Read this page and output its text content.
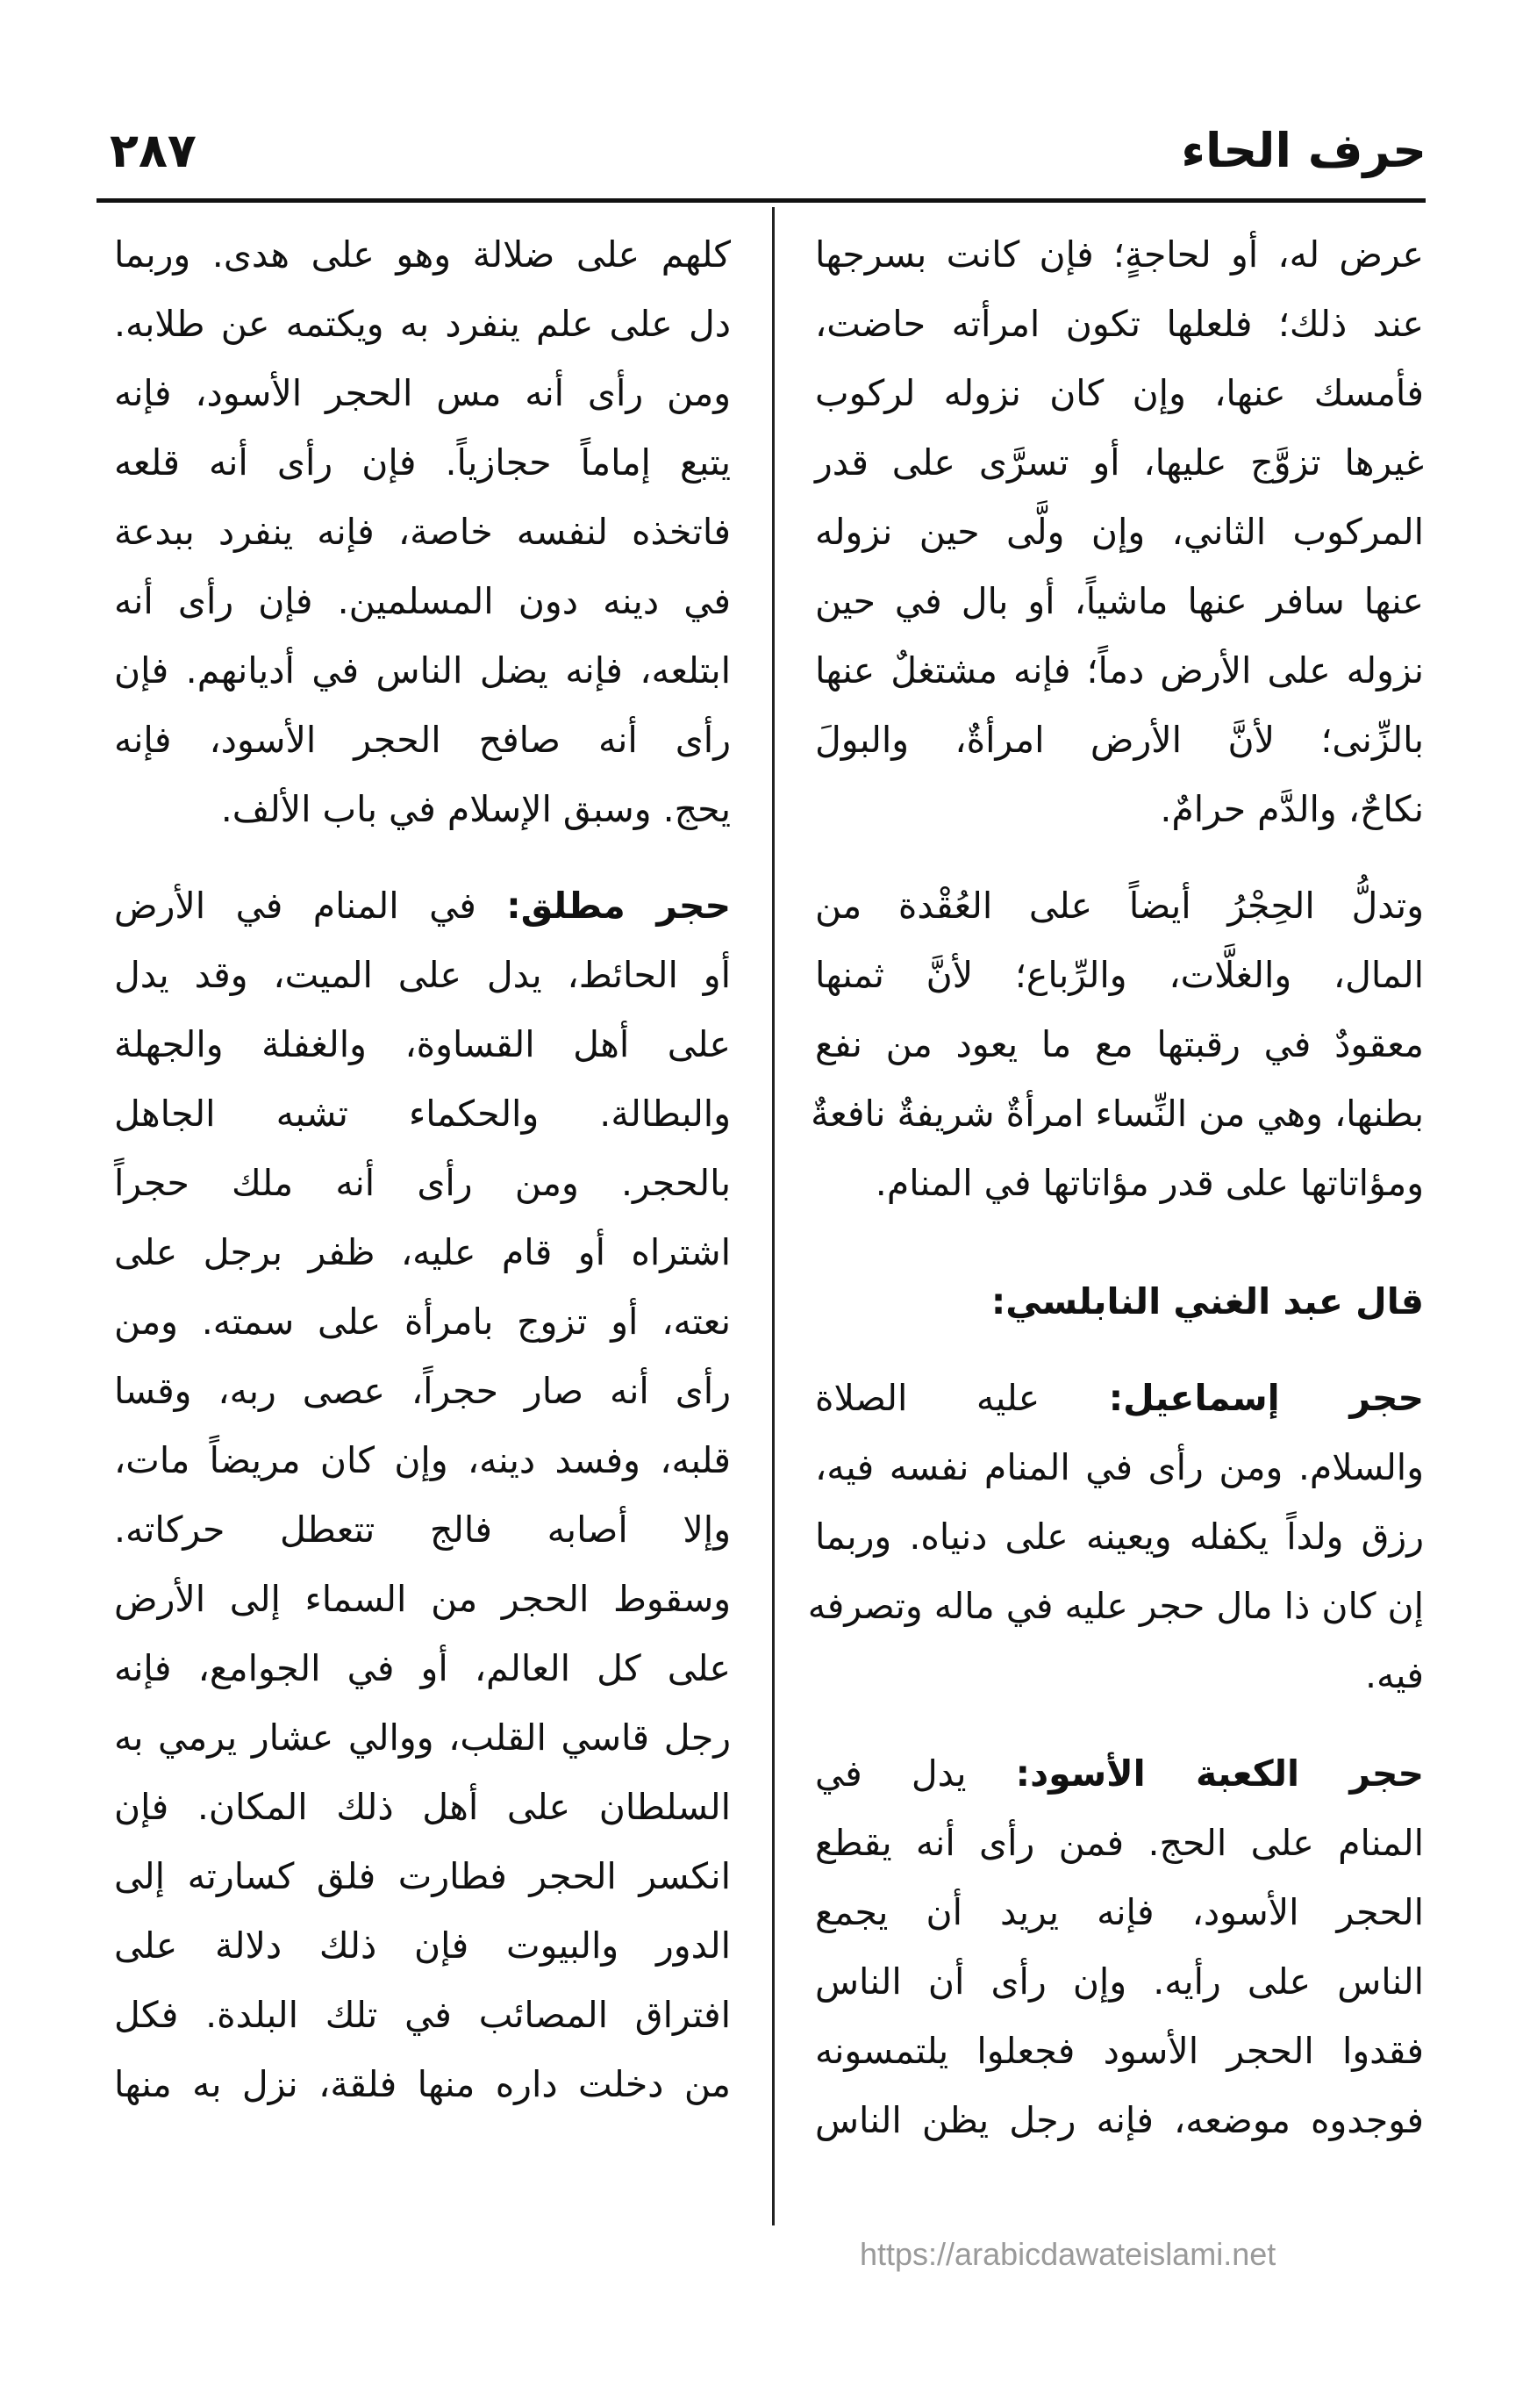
حرف الحاء
٢٨٧
عرض له، أو لحاجةٍ؛ فإن كانت بسرجها
عند ذلك؛ فلعلها تكون امرأته حاضت،
فأمسك عنها، وإن كان نزوله لركوب
غيرها تزوَّج عليها، أو تسرَّى على قدر
المركوب الثاني، وإن ولَّى حين نزوله
عنها سافر عنها ماشياً، أو بال في حين
نزوله على الأرض دماً؛ فإنه مشتغلٌ عنها
بالزِّنى؛ لأنَّ الأرض امرأةٌ، والبولَ
نكاحٌ، والدَّم حرامٌ.
وتدلُّ الحِجْرُ أيضاً على العُقْدة من
المال، والغلَّات، والرِّباع؛ لأنَّ ثمنها
معقودٌ في رقبتها مع ما يعود من نفع
بطنها، وهي من النِّساء امرأةٌ شريفةٌ نافعةٌ
ومؤاتاتها على قدر مؤاتاتها في المنام.
قال عبد الغني النابلسي:
حجر إسماعيل: عليه الصلاة
والسلام. ومن رأى في المنام نفسه فيه،
رزق ولداً يكفله ويعينه على دنياه. وربما
إن كان ذا مال حجر عليه في ماله وتصرفه
فيه.
حجر الكعبة الأسود: يدل في
المنام على الحج. فمن رأى أنه يقطع
الحجر الأسود، فإنه يريد أن يجمع
الناس على رأيه. وإن رأى أن الناس
فقدوا الحجر الأسود فجعلوا يلتمسونه
فوجدوه موضعه، فإنه رجل يظن الناس
كلهم على ضلالة وهو على هدى. وربما
دل على علم ينفرد به ويكتمه عن طلابه.
ومن رأى أنه مس الحجر الأسود، فإنه
يتبع إماماً حجازياً. فإن رأى أنه قلعه
فاتخذه لنفسه خاصة، فإنه ينفرد ببدعة
في دينه دون المسلمين. فإن رأى أنه
ابتلعه، فإنه يضل الناس في أديانهم. فإن
رأى أنه صافح الحجر الأسود، فإنه
يحج. وسبق الإسلام في باب الألف.
حجر مطلق: في المنام في الأرض
أو الحائط، يدل على الميت، وقد يدل
على أهل القساوة، والغفلة والجهلة
والبطالة. والحكماء تشبه الجاهل
بالحجر. ومن رأى أنه ملك حجراً
اشتراه أو قام عليه، ظفر برجل على
نعته، أو تزوج بامرأة على سمته. ومن
رأى أنه صار حجراً، عصى ربه، وقسا
قلبه، وفسد دينه، وإن كان مريضاً مات،
وإلا أصابه فالج تتعطل حركاته.
وسقوط الحجر من السماء إلى الأرض
على كل العالم، أو في الجوامع، فإنه
رجل قاسي القلب، ووالي عشار يرمي به
السلطان على أهل ذلك المكان. فإن
انكسر الحجر فطارت فلق كسارته إلى
الدور والبيوت فإن ذلك دلالة على
افتراق المصائب في تلك البلدة. فكل
من دخلت داره منها فلقة، نزل به منها
https://arabicdawateislami.net
